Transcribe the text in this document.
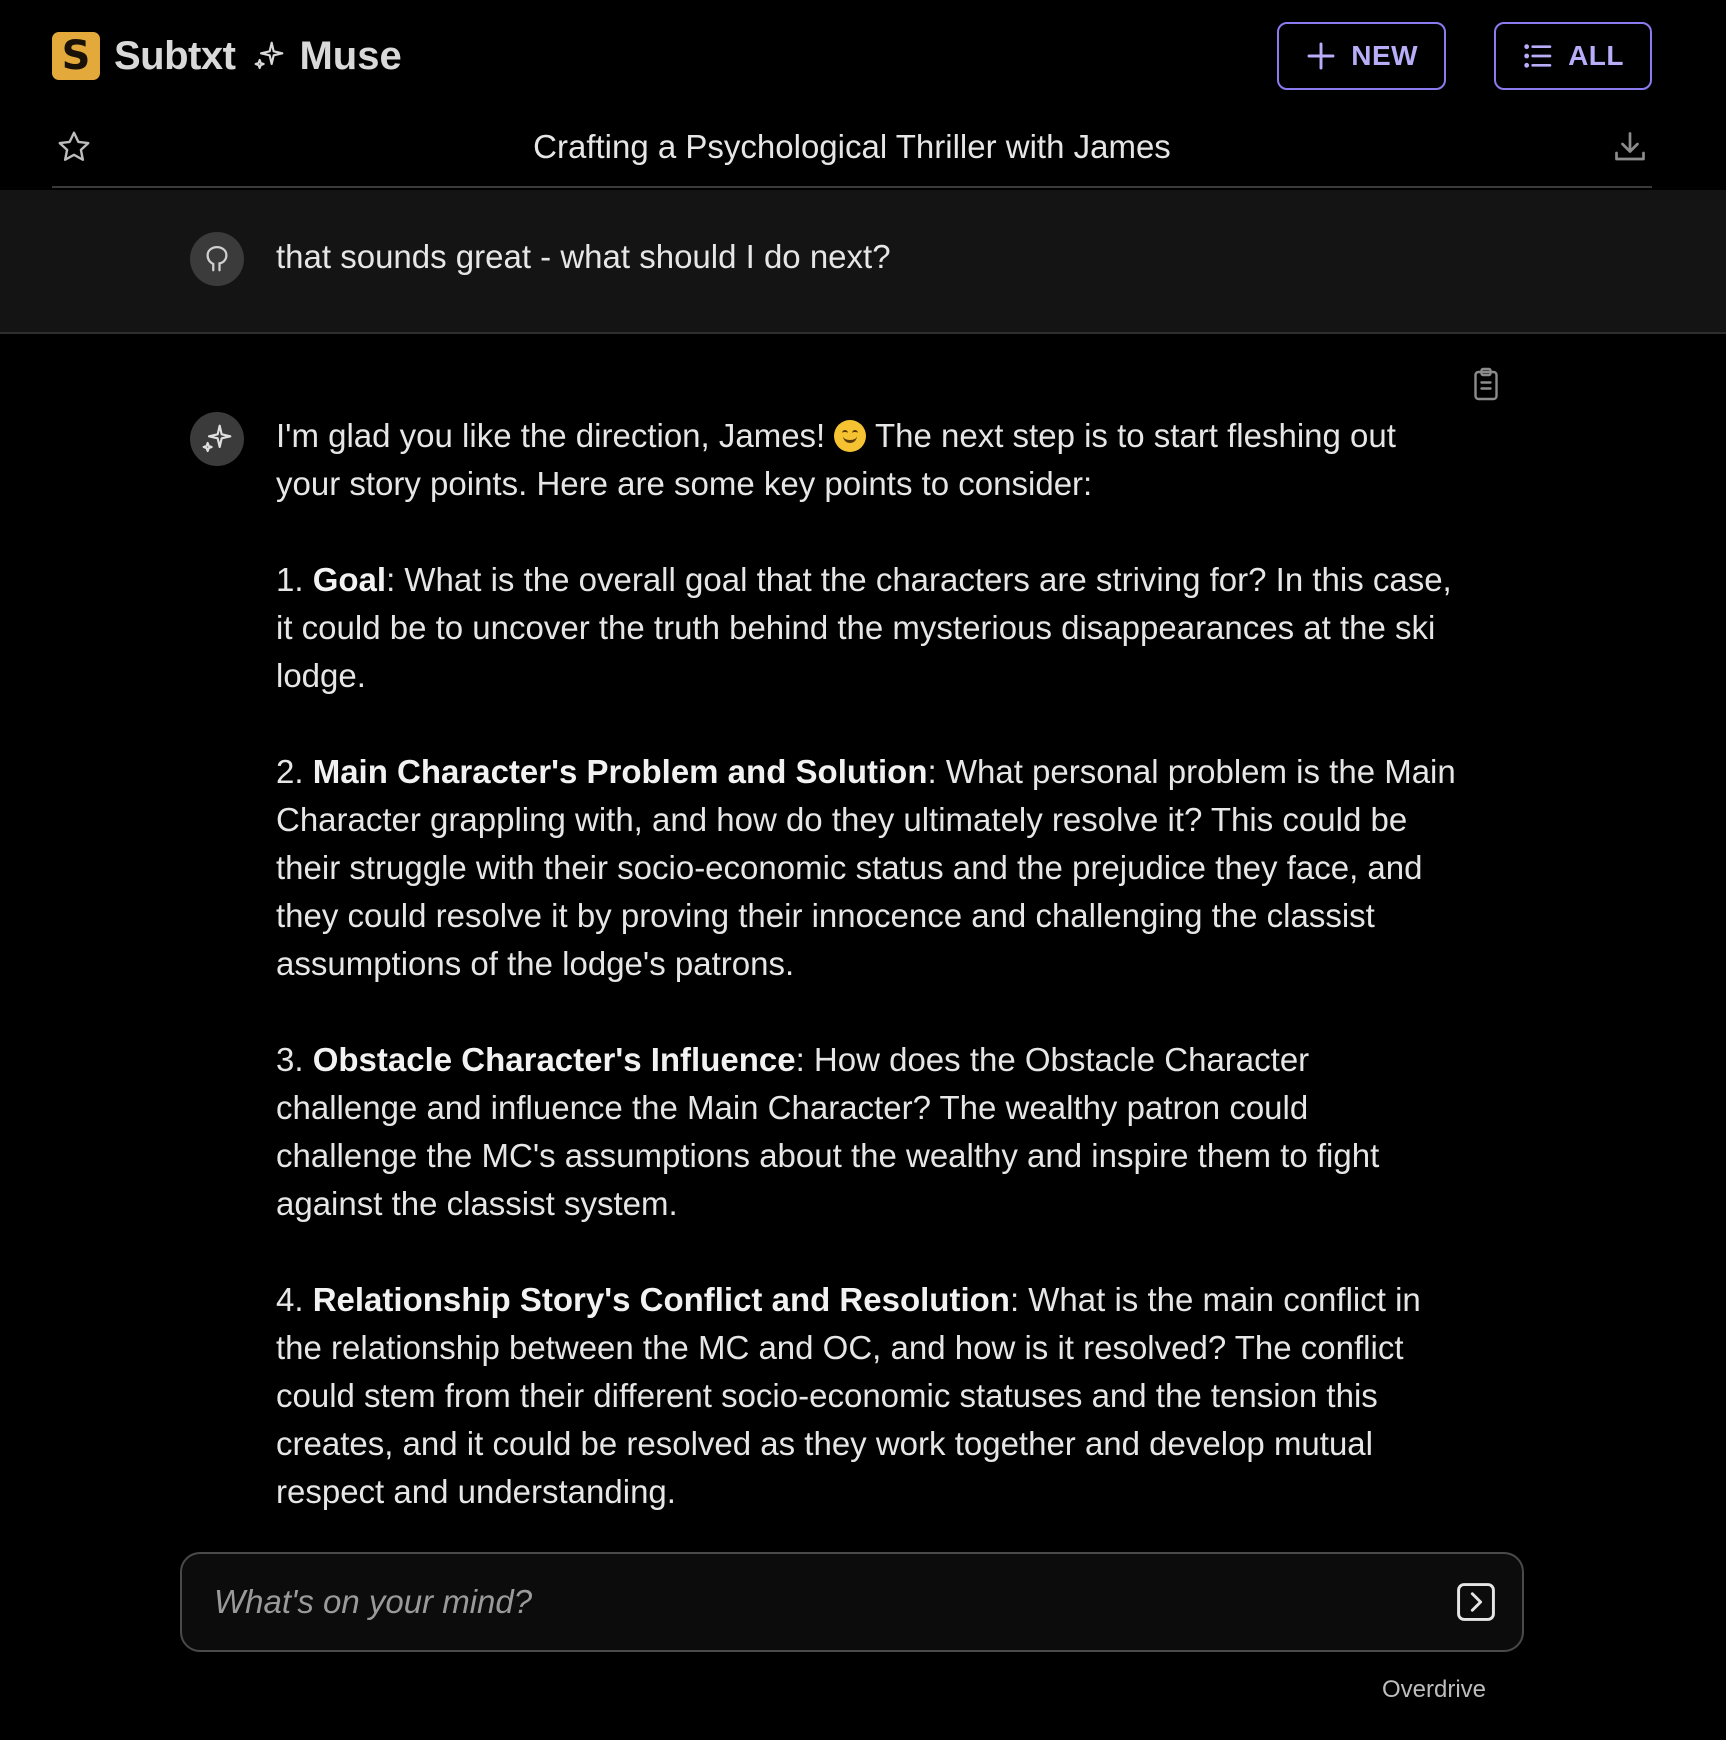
S Subtxt Muse	NEW	ALL
Crafting a Psychological Thriller with James
that sounds great - what should I do next?

I'm glad you like the direction, James! The next step is to start fleshing out your story points. Here are some key points to consider:

1. Goal: What is the overall goal that the characters are striving for? In this case, it could be to uncover the truth behind the mysterious disappearances at the ski lodge.

2. Main Character's Problem and Solution: What personal problem is the Main Character grappling with, and how do they ultimately resolve it? This could be their struggle with their socio-economic status and the prejudice they face, and they could resolve it by proving their innocence and challenging the classist assumptions of the lodge's patrons.

3. Obstacle Character's Influence: How does the Obstacle Character challenge and influence the Main Character? The wealthy patron could challenge the MC's assumptions about the wealthy and inspire them to fight against the classist system.

4. Relationship Story's Conflict and Resolution: What is the main conflict in the relationship between the MC and OC, and how is it resolved? The conflict could stem from their different socio-economic statuses and the tension this creates, and it could be resolved as they work together and develop mutual respect and understanding.

What's on your mind?
Overdrive
